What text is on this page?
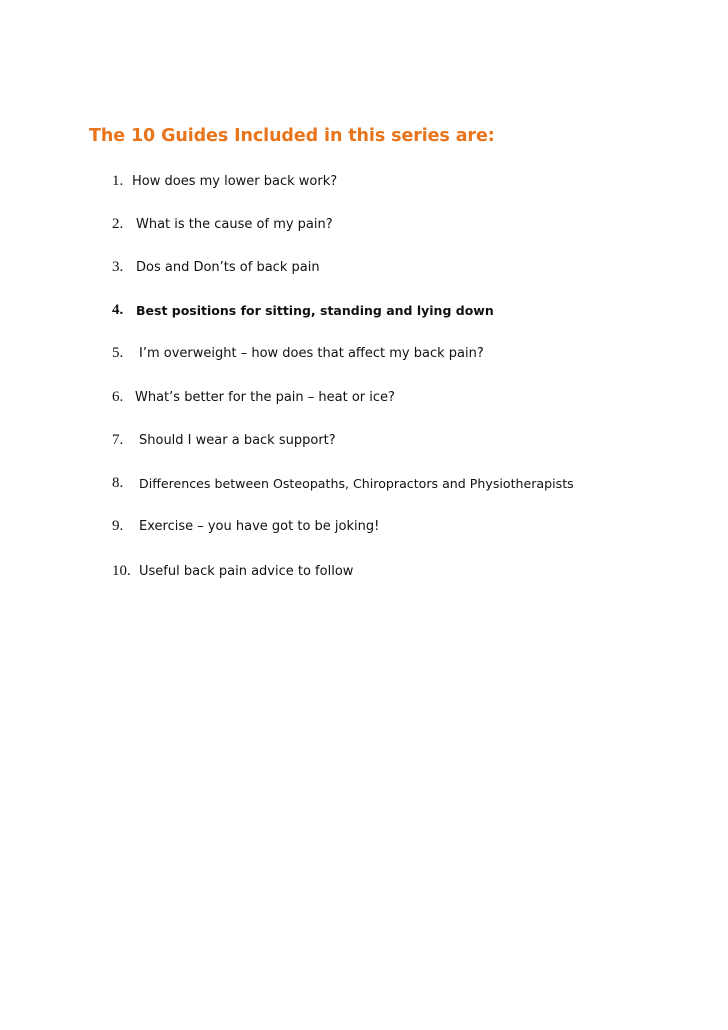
The 10 Guides Included in this series are:
1. How does my lower back work?
2. What is the cause of my pain?
3. Dos and Don’ts of back pain
4. Best positions for sitting, standing and lying down
5. I’m overweight – how does that affect my back pain?
6. What’s better for the pain – heat or ice?
7. Should I wear a back support?
8. Differences between Osteopaths, Chiropractors and Physiotherapists
9. Exercise – you have got to be joking!
10. Useful back pain advice to follow
